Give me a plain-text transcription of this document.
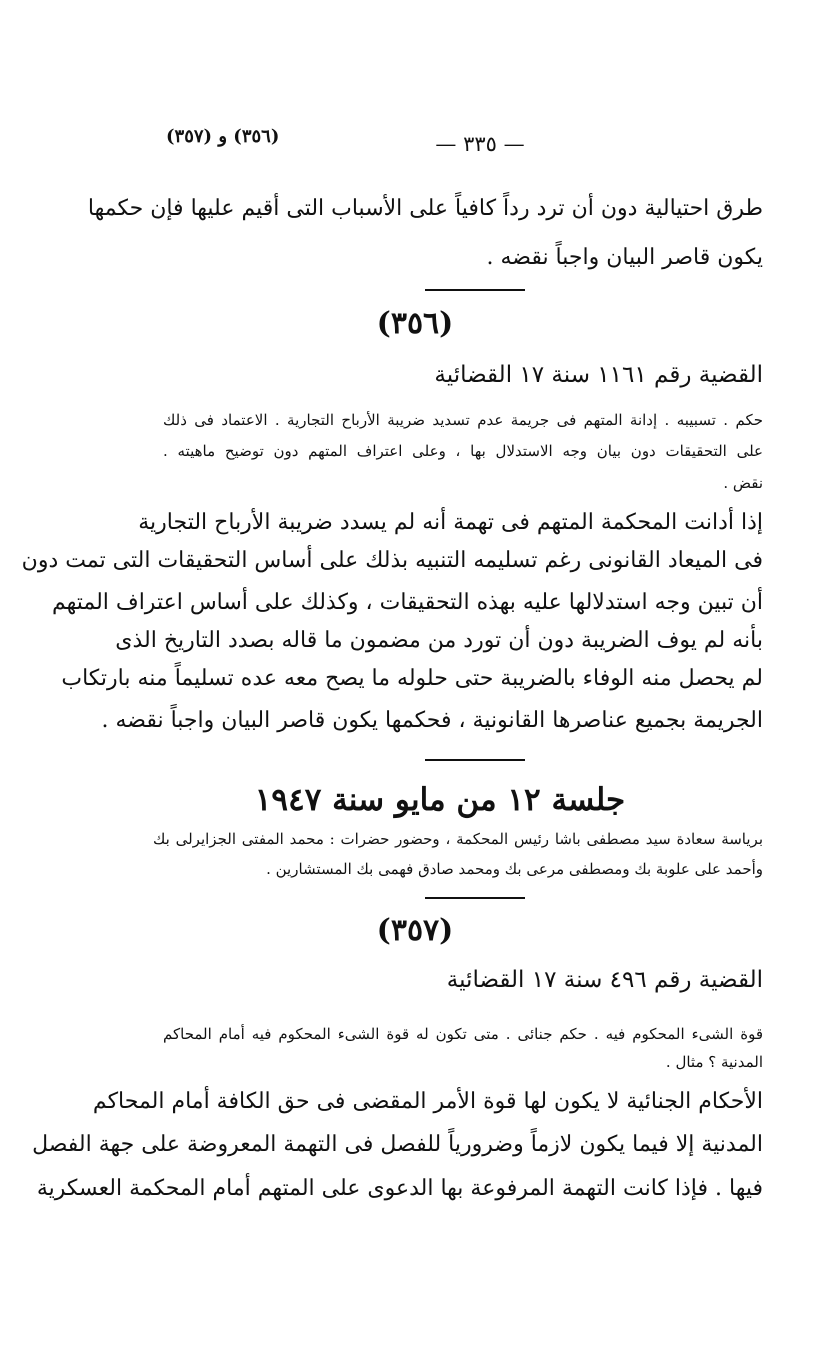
(٣٥٦) و (٣٥٧)	— ٣٣٥ —
طرق احتيالية دون أن ترد رداً كافياً على الأسباب التى أقيم عليها فإن حكمها
يكون قاصر البيان واجباً نقضه .
(٣٥٦)
القضية رقم ١١٦١ سنة ١٧ القضائية
حكم . تسبيبه . إدانة المتهم فى جريمة عدم تسديد ضريبة الأرباح التجارية . الاعتماد فى ذلك
على التحقيقات دون بيان وجه الاستدلال بها ، وعلى اعتراف المتهم دون توضيح ماهيته .
نقض .
إذا أدانت المحكمة المتهم فى تهمة أنه لم يسدد ضريبة الأرباح التجارية
فى الميعاد القانونى رغم تسليمه التنبيه بذلك على أساس التحقيقات التى تمت دون
أن تبين وجه استدلالها عليه بهذه التحقيقات ، وكذلك على أساس اعتراف المتهم
بأنه لم يوف الضريبة دون أن تورد من مضمون ما قاله بصدد التاريخ الذى
لم يحصل منه الوفاء بالضريبة حتى حلوله ما يصح معه عده تسليماً منه بارتكاب
الجريمة بجميع عناصرها القانونية ، فحكمها يكون قاصر البيان واجباً نقضه .
جلسة ١٢ من مايو سنة ١٩٤٧
برياسة سعادة سيد مصطفى باشا رئيس المحكمة ، وحضور حضرات : محمد المفتى الجزايرلى بك
وأحمد على علوبة بك ومصطفى مرعى بك ومحمد صادق فهمى بك المستشارين .
(٣٥٧)
القضية رقم ٤٩٦ سنة ١٧ القضائية
قوة الشىء المحكوم فيه . حكم جنائى . متى تكون له قوة الشىء المحكوم فيه أمام المحاكم
المدنية ؟ مثال .
الأحكام الجنائية لا يكون لها قوة الأمر المقضى فى حق الكافة أمام المحاكم
المدنية إلا فيما يكون لازماً وضرورياً للفصل فى التهمة المعروضة على جهة الفصل
فيها . فإذا كانت التهمة المرفوعة بها الدعوى على المتهم أمام المحكمة العسكرية
